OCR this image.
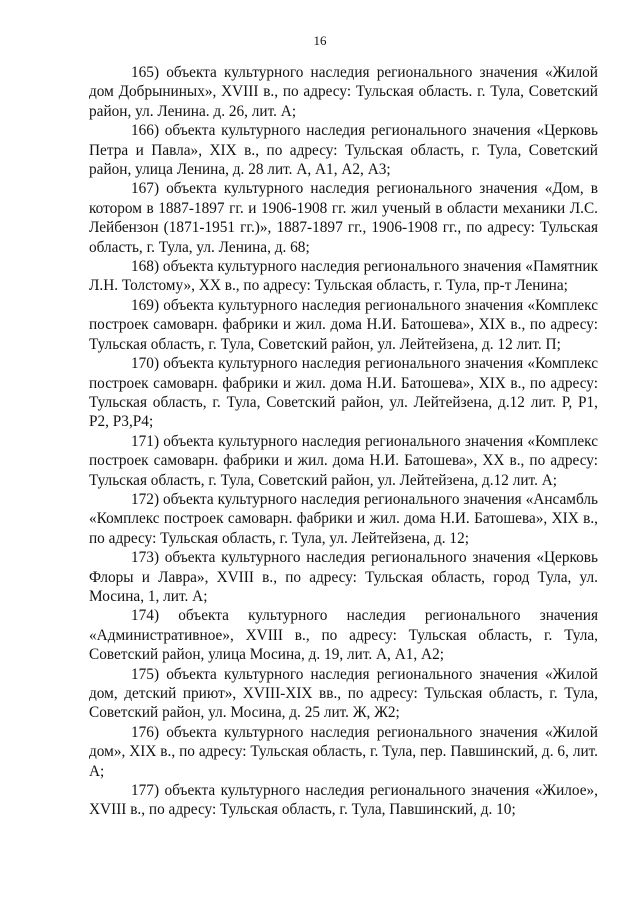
16

165) объекта культурного наследия регионального значения «Жилой дом Добрыниных», XVIII в., по адресу: Тульская область. г. Тула, Советский район, ул. Ленина. д. 26, лит. А;

166) объекта культурного наследия регионального значения «Церковь Петра и Павла», XIX в., по адресу: Тульская область, г. Тула, Советский район, улица Ленина, д. 28 лит. А, А1, А2, А3;

167) объекта культурного наследия регионального значения «Дом, в котором в 1887-1897 гг. и 1906-1908 гг. жил ученый в области механики Л.С. Лейбензон (1871-1951 гг.)», 1887-1897 гг., 1906-1908 гг., по адресу: Тульская область, г. Тула, ул. Ленина, д. 68;

168) объекта культурного наследия регионального значения «Памятник Л.Н. Толстому», XX в., по адресу: Тульская область, г. Тула, пр-т Ленина;

169) объекта культурного наследия регионального значения «Комплекс построек самоварн. фабрики и жил. дома Н.И. Батошева», XIX в., по адресу: Тульская область, г. Тула, Советский район, ул. Лейтейзена, д. 12 лит. П;

170) объекта культурного наследия регионального значения «Комплекс построек самоварн. фабрики и жил. дома Н.И. Батошева», XIX в., по адресу: Тульская область, г. Тула, Советский район, ул. Лейтейзена, д.12 лит. Р, Р1, Р2, Р3,Р4;

171) объекта культурного наследия регионального значения «Комплекс построек самоварн. фабрики и жил. дома Н.И. Батошева», XX в., по адресу: Тульская область, г. Тула, Советский район, ул. Лейтейзена, д.12 лит. А;

172) объекта культурного наследия регионального значения «Ансамбль «Комплекс построек самоварн. фабрики и жил. дома Н.И. Батошева», XIX в., по адресу: Тульская область, г. Тула, ул. Лейтейзена, д. 12;

173) объекта культурного наследия регионального значения «Церковь Флоры и Лавра», XVIII в., по адресу: Тульская область, город Тула, ул. Мосина, 1, лит. А;

174) объекта культурного наследия регионального значения «Административное», XVIII в., по адресу: Тульская область, г. Тула, Советский район, улица Мосина, д. 19, лит. А, А1, А2;

175) объекта культурного наследия регионального значения «Жилой дом, детский приют», XVIII-XIX вв., по адресу: Тульская область, г. Тула, Советский район, ул. Мосина, д. 25 лит. Ж, Ж2;

176) объекта культурного наследия регионального значения «Жилой дом», XIX в., по адресу: Тульская область, г. Тула, пер. Павшинский, д. 6, лит. А;

177) объекта культурного наследия регионального значения «Жилое», XVIII в., по адресу: Тульская область, г. Тула, Павшинский, д. 10;
